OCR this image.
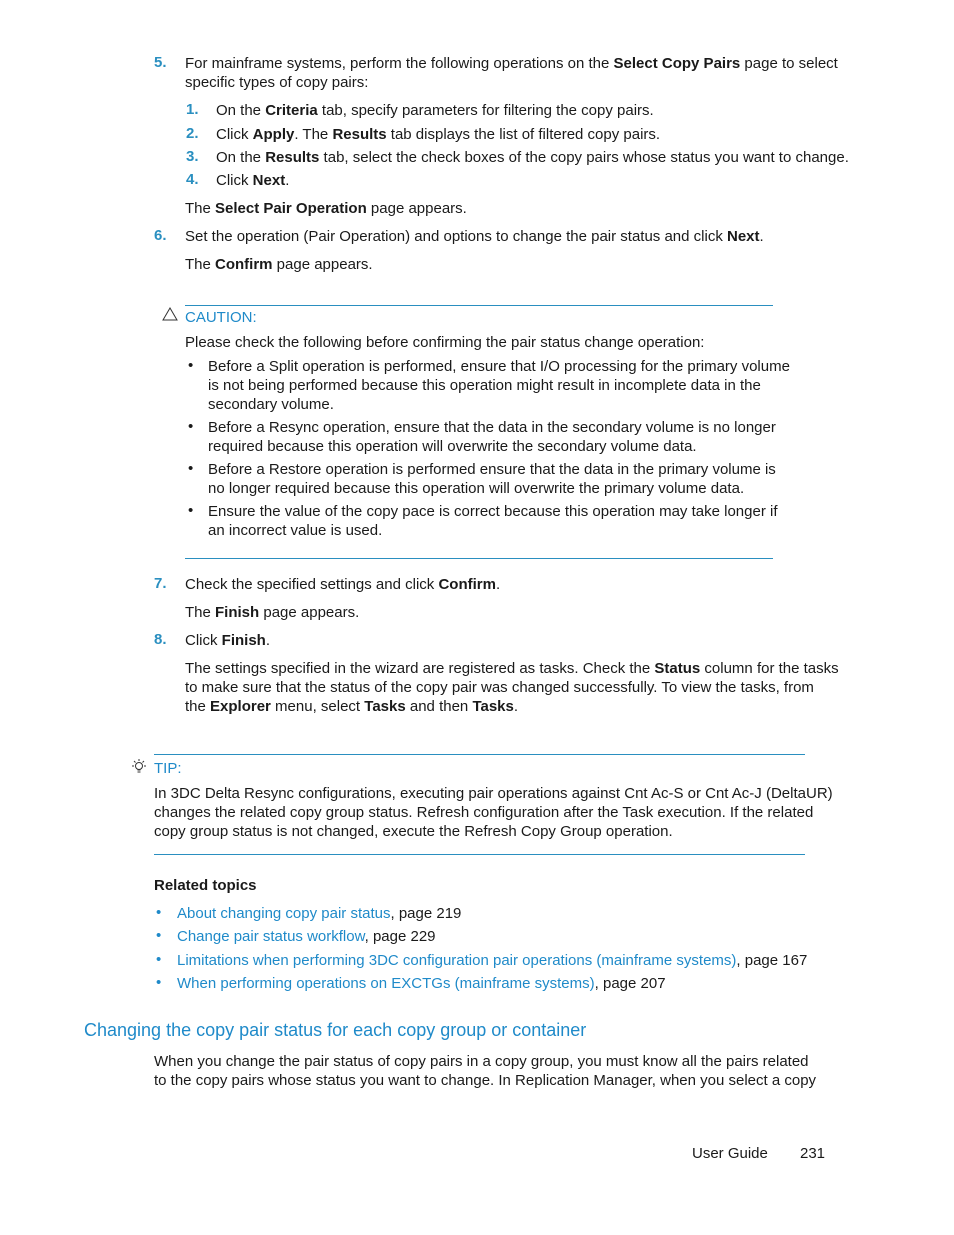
5. For mainframe systems, perform the following operations on the Select Copy Pairs page to select
specific types of copy pairs:
1. On the Criteria tab, specify parameters for filtering the copy pairs.
2. Click Apply. The Results tab displays the list of filtered copy pairs.
3. On the Results tab, select the check boxes of the copy pairs whose status you want to change.
4. Click Next.
The Select Pair Operation page appears.
6. Set the operation (Pair Operation) and options to change the pair status and click Next.
The Confirm page appears.
CAUTION:
Please check the following before confirming the pair status change operation:
• Before a Split operation is performed, ensure that I/O processing for the primary volume
is not being performed because this operation might result in incomplete data in the
secondary volume.
• Before a Resync operation, ensure that the data in the secondary volume is no longer
required because this operation will overwrite the secondary volume data.
• Before a Restore operation is performed ensure that the data in the primary volume is
no longer required because this operation will overwrite the primary volume data.
• Ensure the value of the copy pace is correct because this operation may take longer if
an incorrect value is used.
7. Check the specified settings and click Confirm.
The Finish page appears.
8. Click Finish.
The settings specified in the wizard are registered as tasks. Check the Status column for the tasks
to make sure that the status of the copy pair was changed successfully. To view the tasks, from
the Explorer menu, select Tasks and then Tasks.
TIP:
In 3DC Delta Resync configurations, executing pair operations against Cnt Ac-S or Cnt Ac-J (DeltaUR)
changes the related copy group status. Refresh configuration after the Task execution. If the related
copy group status is not changed, execute the Refresh Copy Group operation.
Related topics
• About changing copy pair status, page 219
• Change pair status workflow, page 229
• Limitations when performing 3DC configuration pair operations (mainframe systems), page 167
• When performing operations on EXCTGs (mainframe systems), page 207
Changing the copy pair status for each copy group or container
When you change the pair status of copy pairs in a copy group, you must know all the pairs related
to the copy pairs whose status you want to change. In Replication Manager, when you select a copy
User Guide 231
